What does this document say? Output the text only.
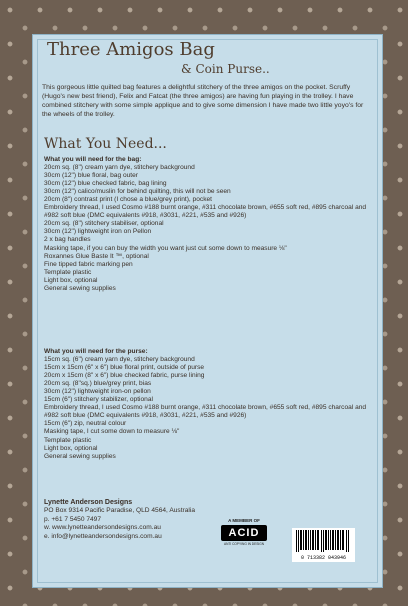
Three Amigos Bag
& Coin Purse..

This gorgeous little quilted bag features a delightful stitchery of the three amigos on the pocket. Scruffy (Hugo's new best friend), Felix and Fatcat (the three amigos) are having fun playing in the trolley. I have combined stitchery with some simple applique and to give some dimension I have made two little yoyo's for the wheels of the trolley.

What You Need...
What you will need for the bag:
20cm sq. (8") cream yarn dye, stitchery background
30cm (12") blue floral, bag outer
30cm (12") blue checked fabric, bag lining
30cm (12") calico/muslin for behind quilting, this will not be seen
20cm (8") contrast print (I chose a blue/grey print), pocket
Embroidery thread, I used Cosmo #188 burnt orange, #311 chocolate brown, #655 soft red, #895 charcoal and #982 soft blue (DMC equivalents #918, #3031, #221, #535 and #926)
20cm sq. (8") stitchery stabiliser, optional
30cm (12") lightweight iron on Pellon
2 x bag handles
Masking tape, if you can buy the width you want just cut some down to measure ⅛"
Roxannes Glue Baste It ™, optional
Fine tipped fabric marking pen
Template plastic
Light box, optional
General sewing supplies
What you will need for the purse:
15cm sq. (6") cream yarn dye, stitchery background
15cm x 15cm (6" x 6") blue floral print, outside of purse
20cm x 15cm (8" x 6") blue checked fabric, purse lining
20cm sq. (8"sq.) blue/grey print, bias
30cm (12") lightweight iron-on pellon
15cm (6") stitchery stabilizer, optional
Embroidery thread, I used Cosmo #188 burnt orange, #311 chocolate brown, #655 soft red, #895 charcoal and #982 soft blue (DMC equivalents #918, #3031, #221, #535 and #926)
15cm (6") zip, neutral colour
Masking tape, I cut some down to measure ⅛"
Template plastic
Light box, optional
General sewing supplies
Lynette Anderson Designs
PO Box 9314 Pacific Paradise, QLD 4564, Australia
p. +61 7 5450 7497
w. www.lynetteandersondesigns.com.au
e. info@lynetteandersondesigns.com.au
A MEMBER OF
ACID
ANTI COPYING IN DESIGN
0 713382 043946
